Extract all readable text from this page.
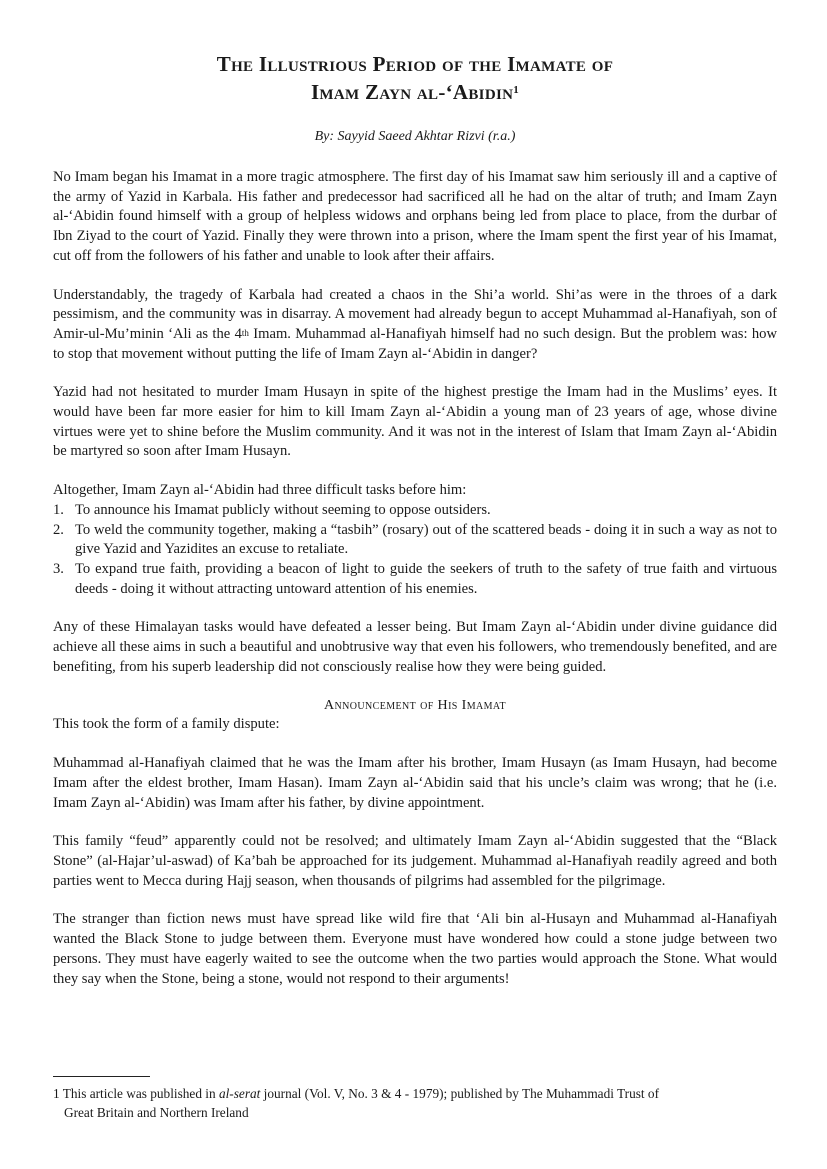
The Illustrious Period of the Imamate of
Imam Zayn al-‘Abidin$^1$
By: Sayyid Saeed Akhtar Rizvi (r.a.)

No Imam began his Imamat in a more tragic atmosphere. The first day of his Imamat saw him seriously ill and a captive of the army of Yazid in Karbala. His father and predecessor had sacrificed all he had on the altar of truth; and Imam Zayn al-‘Abidin found himself with a group of helpless widows and orphans being led from place to place, from the durbar of Ibn Ziyad to the court of Yazid. Finally they were thrown into a prison, where the Imam spent the first year of his Imamat, cut off from the followers of his father and unable to look after their affairs.

Understandably, the tragedy of Karbala had created a chaos in the Shi’a world. Shi’as were in the throes of a dark pessimism, and the community was in disarray. A movement had already begun to accept Muhammad al-Hanafiyah, son of Amir-ul-Mu’minin ‘Ali as the 4th Imam. Muhammad al-Hanafiyah himself had no such design. But the problem was: how to stop that movement without putting the life of Imam Zayn al-‘Abidin in danger?

Yazid had not hesitated to murder Imam Husayn in spite of the highest prestige the Imam had in the Muslims’ eyes. It would have been far more easier for him to kill Imam Zayn al-‘Abidin a young man of 23 years of age, whose divine virtues were yet to shine before the Muslim community. And it was not in the interest of Islam that Imam Zayn al-‘Abidin be martyred so soon after Imam Husayn.

Altogether, Imam Zayn al-‘Abidin had three difficult tasks before him:

1. To announce his Imamat publicly without seeming to oppose outsiders.
2. To weld the community together, making a “tasbih” (rosary) out of the scattered beads - doing it in such a way as not to give Yazid and Yazidites an excuse to retaliate.
3. To expand true faith, providing a beacon of light to guide the seekers of truth to the safety of true faith and virtuous deeds - doing it without attracting untoward attention of his enemies.

Any of these Himalayan tasks would have defeated a lesser being. But Imam Zayn al-‘Abidin under divine guidance did achieve all these aims in such a beautiful and unobtrusive way that even his followers, who tremendously benefited, and are benefiting, from his superb leadership did not consciously realise how they were being guided.

Announcement of His Imamat

This took the form of a family dispute:

Muhammad al-Hanafiyah claimed that he was the Imam after his brother, Imam Husayn (as Imam Husayn, had become Imam after the eldest brother, Imam Hasan). Imam Zayn al-‘Abidin said that his uncle’s claim was wrong; that he (i.e. Imam Zayn al-‘Abidin) was Imam after his father, by divine appointment.

This family “feud” apparently could not be resolved; and ultimately Imam Zayn al-‘Abidin suggested that the “Black Stone” (al-Hajar’ul-aswad) of Ka’bah be approached for its judgement. Muhammad al-Hanafiyah readily agreed and both parties went to Mecca during Hajj season, when thousands of pilgrims had assembled for the pilgrimage.

The stranger than fiction news must have spread like wild fire that ‘Ali bin al-Husayn and Muhammad al-Hanafiyah wanted the Black Stone to judge between them. Everyone must have wondered how could a stone judge between two persons. They must have eagerly waited to see the outcome when the two parties would approach the Stone. What would they say when the Stone, being a stone, would not respond to their arguments!

1 This article was published in al-serat journal (Vol. V, No. 3 & 4 - 1979); published by The Muhammadi Trust of
Great Britain and Northern Ireland
